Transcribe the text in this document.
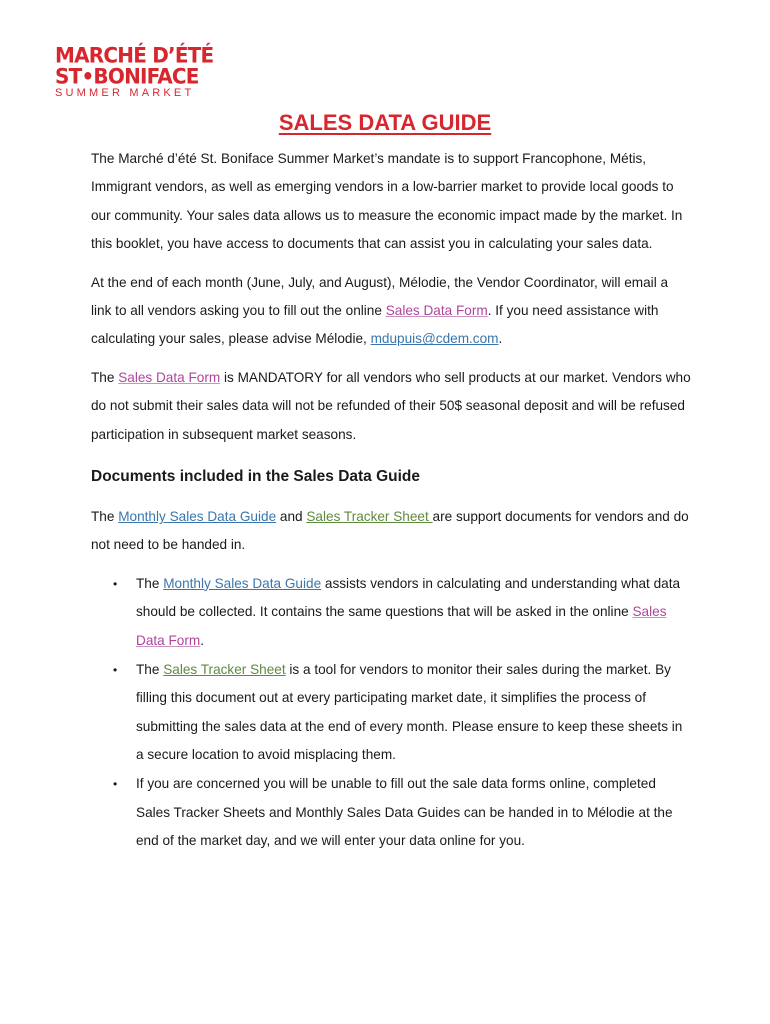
MARCHÉ D’ÉTÉ
ST•BONIFACE
SUMMER MARKET
SALES DATA GUIDE

The Marché d’été St. Boniface Summer Market’s mandate is to support Francophone, Métis, Immigrant vendors, as well as emerging vendors in a low-barrier market to provide local goods to our community. Your sales data allows us to measure the economic impact made by the market. In this booklet, you have access to documents that can assist you in calculating your sales data.

At the end of each month (June, July, and August), Mélodie, the Vendor Coordinator, will email a link to all vendors asking you to fill out the online Sales Data Form. If you need assistance with calculating your sales, please advise Mélodie, mdupuis@cdem.com.

The Sales Data Form is MANDATORY for all vendors who sell products at our market. Vendors who do not submit their sales data will not be refunded of their 50$ seasonal deposit and will be refused participation in subsequent market seasons.

Documents included in the Sales Data Guide

The Monthly Sales Data Guide and Sales Tracker Sheet are support documents for vendors and do not need to be handed in.

• The Monthly Sales Data Guide assists vendors in calculating and understanding what data should be collected. It contains the same questions that will be asked in the online Sales Data Form.
• The Sales Tracker Sheet is a tool for vendors to monitor their sales during the market. By filling this document out at every participating market date, it simplifies the process of submitting the sales data at the end of every month. Please ensure to keep these sheets in a secure location to avoid misplacing them.
• If you are concerned you will be unable to fill out the sale data forms online, completed Sales Tracker Sheets and Monthly Sales Data Guides can be handed in to Mélodie at the end of the market day, and we will enter your data online for you.
